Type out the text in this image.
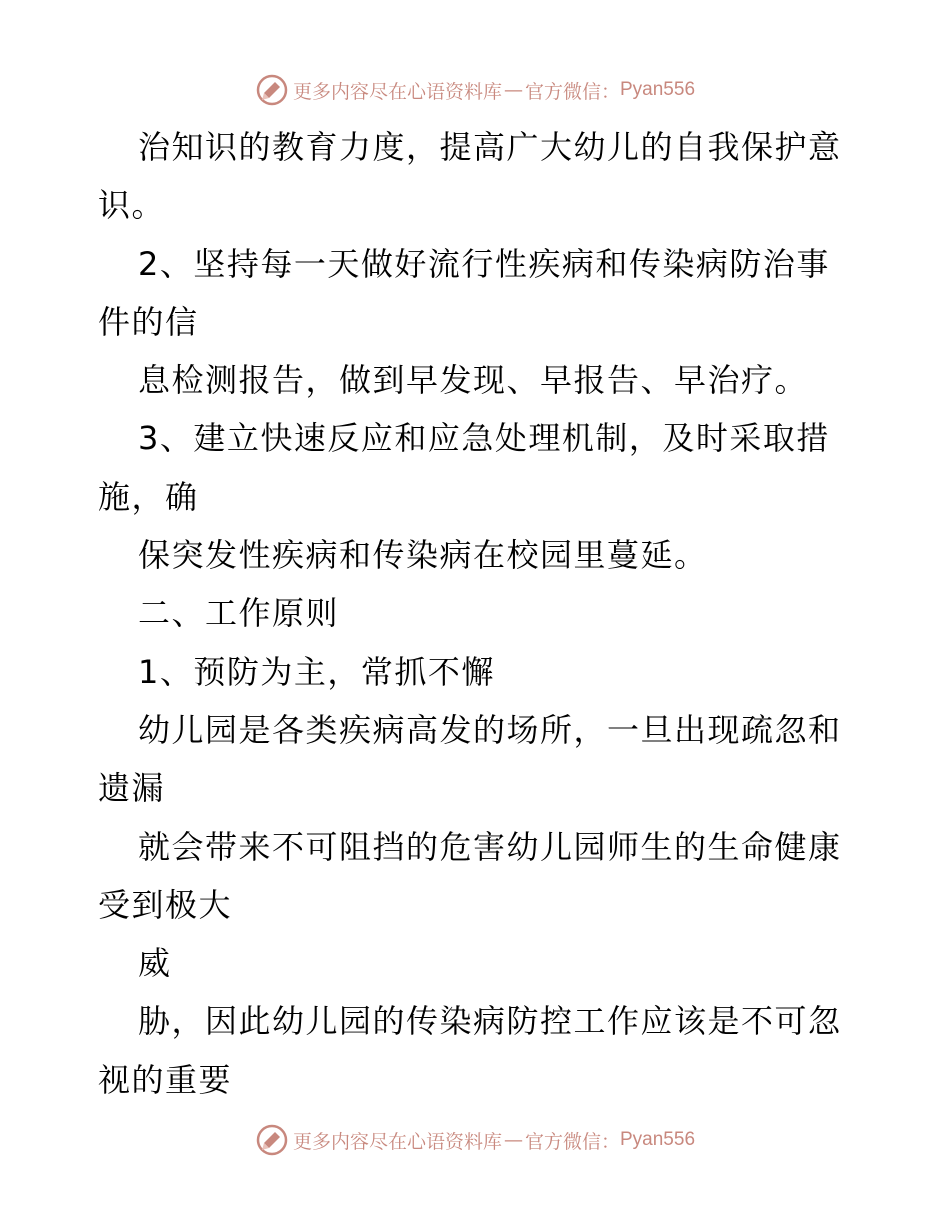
更多内容尽在心语资料库 — 官方微信： Pyan556
治知识的教育力度，提高广大幼儿的自我保护意
识。
2、坚持每一天做好流行性疾病和传染病防治事
件的信
息检测报告，做到早发现、早报告、早治疗。
3、建立快速反应和应急处理机制，及时采取措
施，确
保突发性疾病和传染病在校园里蔓延。
二、工作原则
1、预防为主，常抓不懈
幼儿园是各类疾病高发的场所，一旦出现疏忽和
遗漏
就会带来不可阻挡的危害幼儿园师生的生命健康
受到极大
威
胁，因此幼儿园的传染病防控工作应该是不可忽
视的重要
更多内容尽在心语资料库 — 官方微信： Pyan556
